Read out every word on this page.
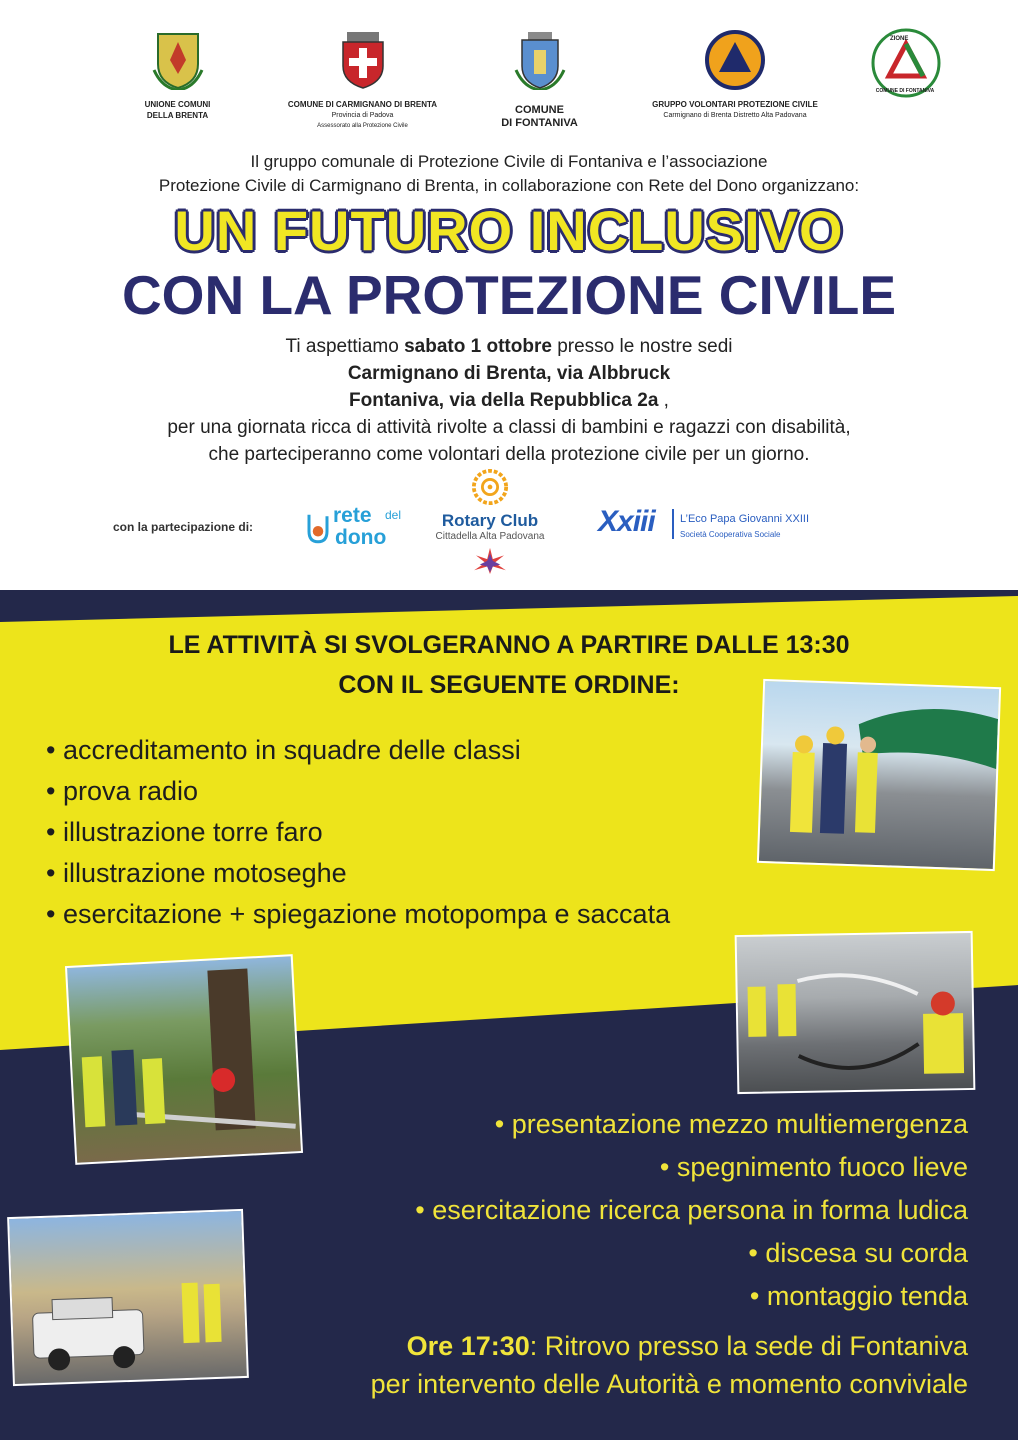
UNIONE COMUNI
DELLA BRENTA
COMUNE DI CARMIGNANO DI BRENTA
Provincia di Padova
Assessorato alla Protezione Civile
COMUNE
DI FONTANIVA
GRUPPO VOLONTARI PROTEZIONE CIVILE
Carmignano di Brenta Distretto Alta Padovana
ZIONE
COMUNE DI FONTANIVA
Il gruppo comunale di Protezione Civile di Fontaniva e l’associazione
Protezione Civile di Carmignano di Brenta, in collaborazione con Rete del Dono organizzano:
UN FUTURO INCLUSIVO
CON LA PROTEZIONE CIVILE
Ti aspettiamo sabato 1 ottobre presso le nostre sedi
Carmignano di Brenta, via Albbruck
Fontaniva, via della Repubblica 2a ,
per una giornata ricca di attività rivolte a classi di bambini e ragazzi con disabilità,
che parteciperanno come volontari della protezione civile per un giorno.
con la partecipazione di:	rete del
dono
Rotary Club
Cittadella Alta Padovana	Xxiii L’Eco Papa Giovanni XXIII
Società Cooperativa Sociale
LE ATTIVITÀ SI SVOLGERANNO A PARTIRE DALLE 13:30
CON IL SEGUENTE ORDINE:
• accreditamento in squadre delle classi
• prova radio
• illustrazione torre faro
• illustrazione motoseghe
• esercitazione + spiegazione motopompa e saccata
• presentazione mezzo multiemergenza
• spegnimento fuoco lieve
• esercitazione ricerca persona in forma ludica
• discesa su corda
• montaggio tenda
Ore 17:30: Ritrovo presso la sede di Fontaniva
per intervento delle Autorità e momento conviviale
